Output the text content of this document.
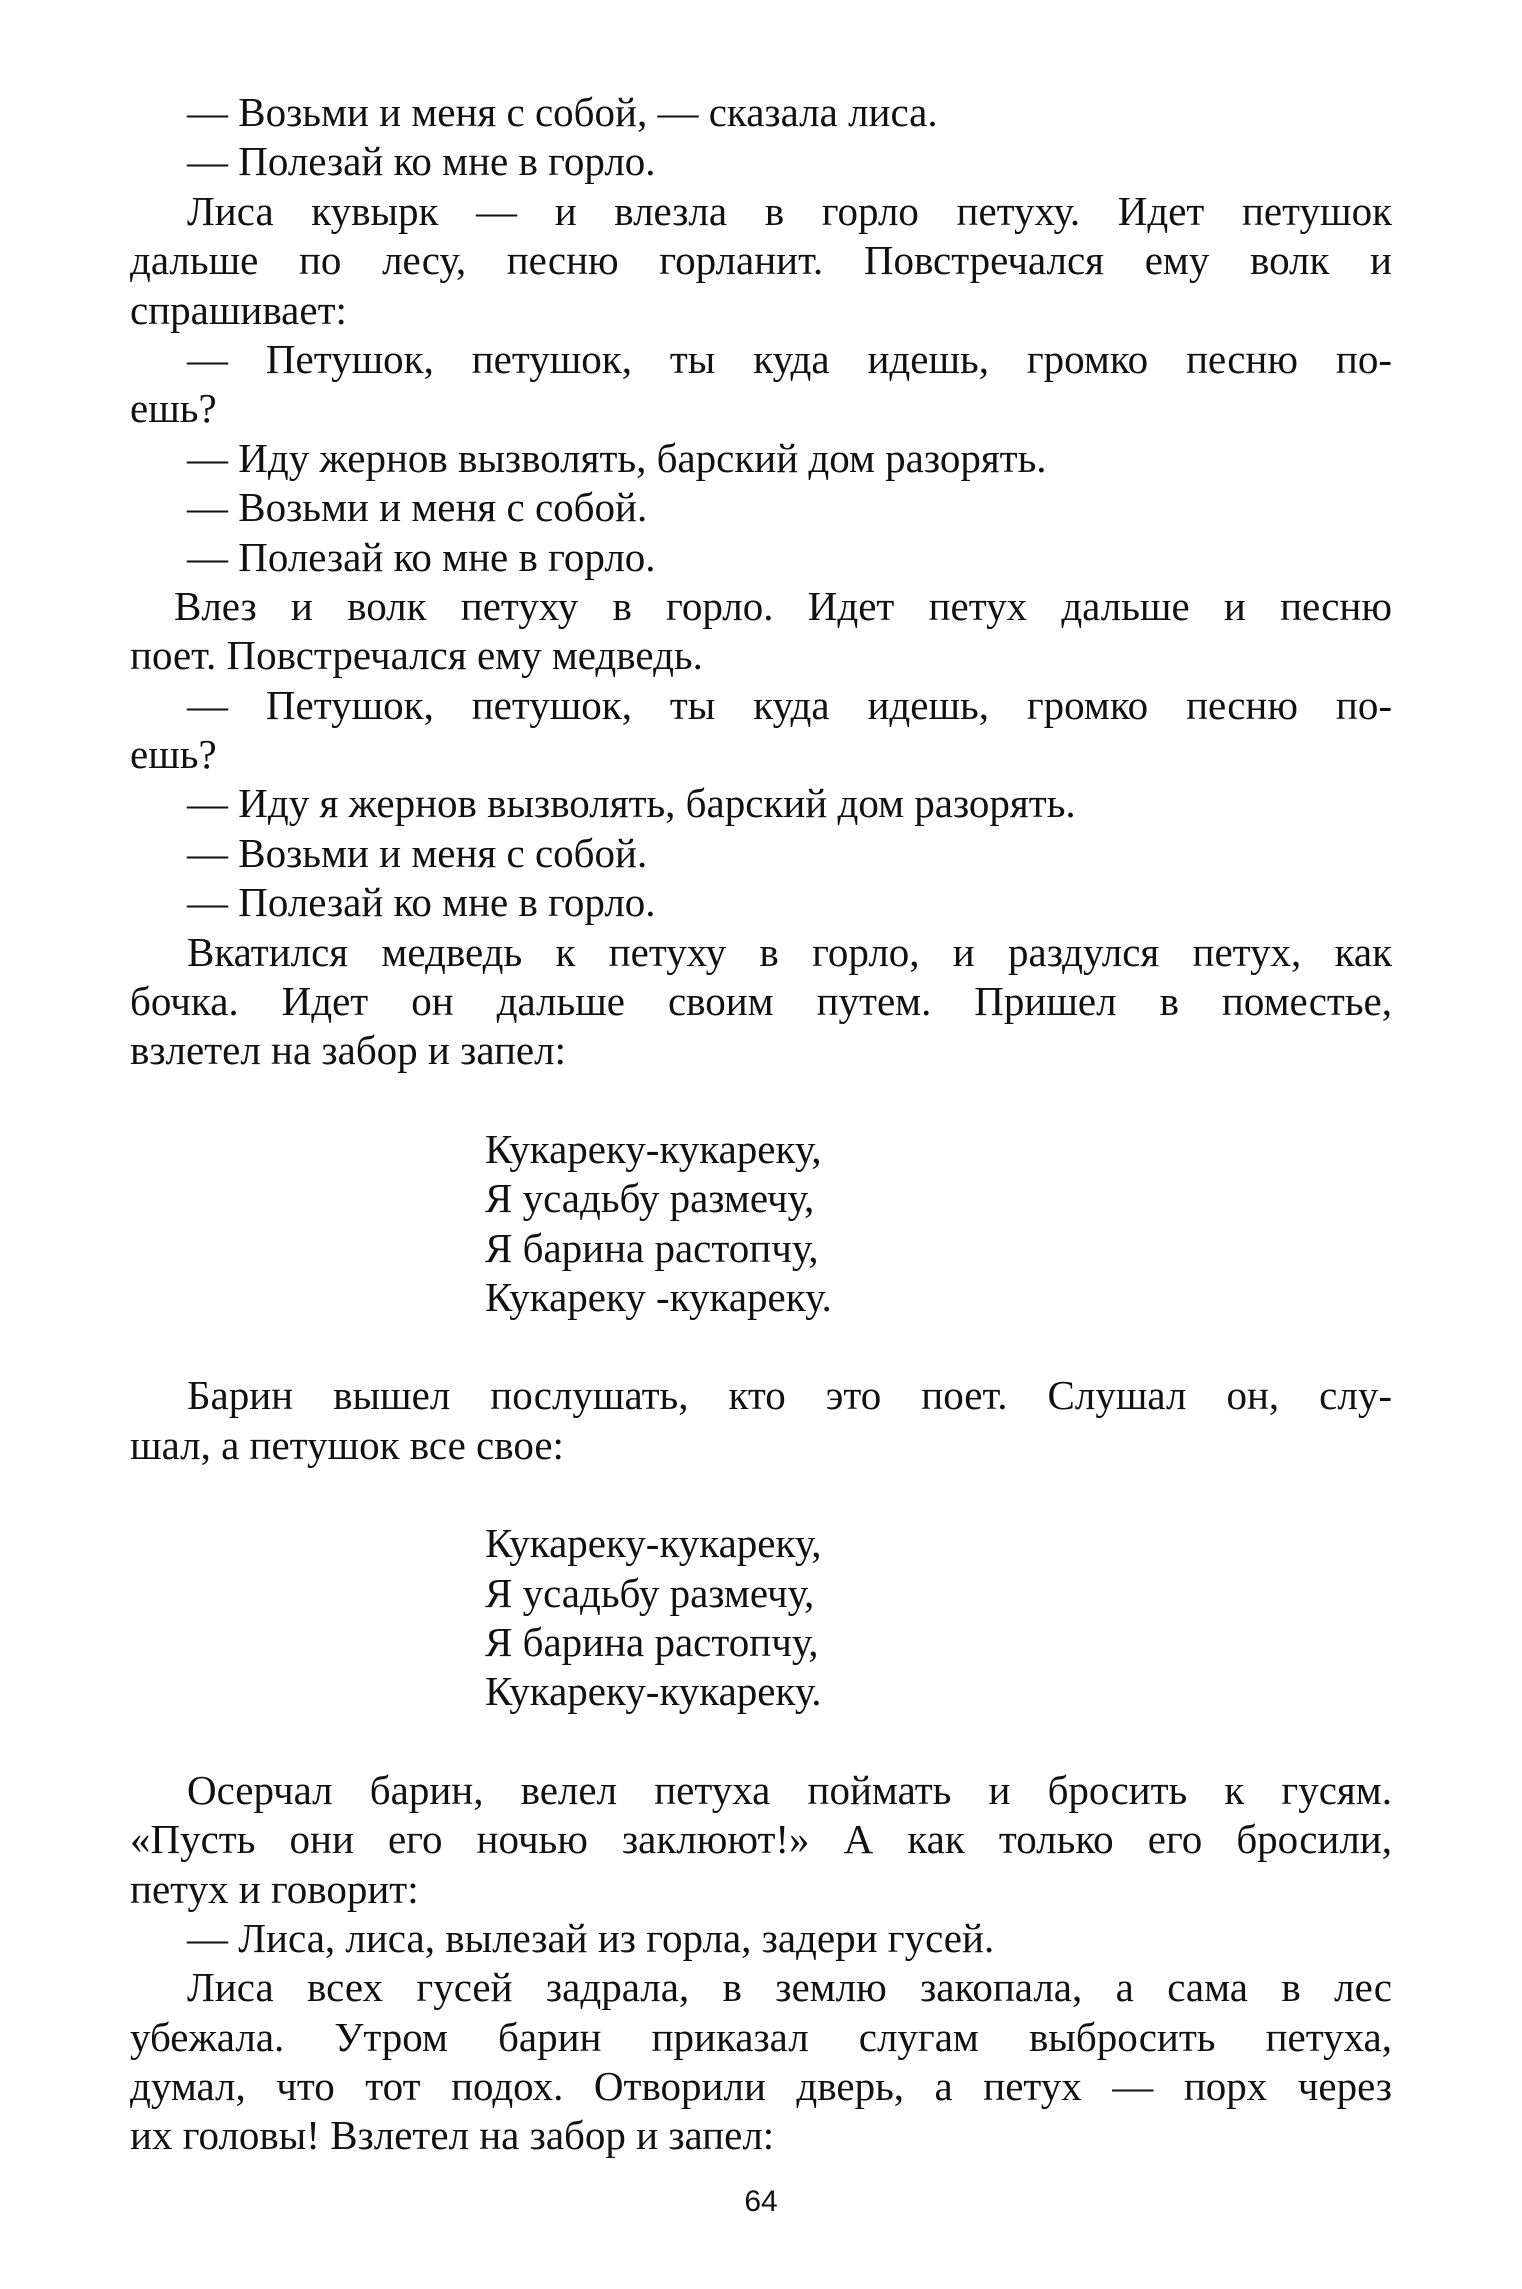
— Возьми и меня с собой, — сказала лиса.
— Полезай ко мне в горло.
Лиса кувырк — и влезла в горло петуху. Идет петушок
дальше по лесу, песню горланит. Повстречался ему волк и
спрашивает:
— Петушок, петушок, ты куда идешь, громко песню по-
ешь?
— Иду жернов вызволять, барский дом разорять.
— Возьми и меня с собой.
— Полезай ко мне в горло.
Влез и волк петуху в горло. Идет петух дальше и песню
поет. Повстречался ему медведь.
— Петушок, петушок, ты куда идешь, громко песню по-
ешь?
— Иду я жернов вызволять, барский дом разорять.
— Возьми и меня с собой.
— Полезай ко мне в горло.
Вкатился медведь к петуху в горло, и раздулся петух, как
бочка. Идет он дальше своим путем. Пришел в поместье,
взлетел на забор и запел:
Кукареку-кукареку,
Я усадьбу размечу,
Я барина растопчу,
Кукареку -кукареку.
Барин вышел послушать, кто это поет. Слушал он, слу-
шал, а петушок все свое:
Кукареку-кукареку,
Я усадьбу размечу,
Я барина растопчу,
Кукареку-кукареку.
Осерчал барин, велел петуха поймать и бросить к гусям.
«Пусть они его ночью заклюют!» А как только его бросили,
петух и говорит:
— Лиса, лиса, вылезай из горла, задери гусей.
Лиса всех гусей задрала, в землю закопала, а сама в лес
убежала. Утром барин приказал слугам выбросить петуха,
думал, что тот подох. Отворили дверь, а петух — порх через
их головы! Взлетел на забор и запел:
64
